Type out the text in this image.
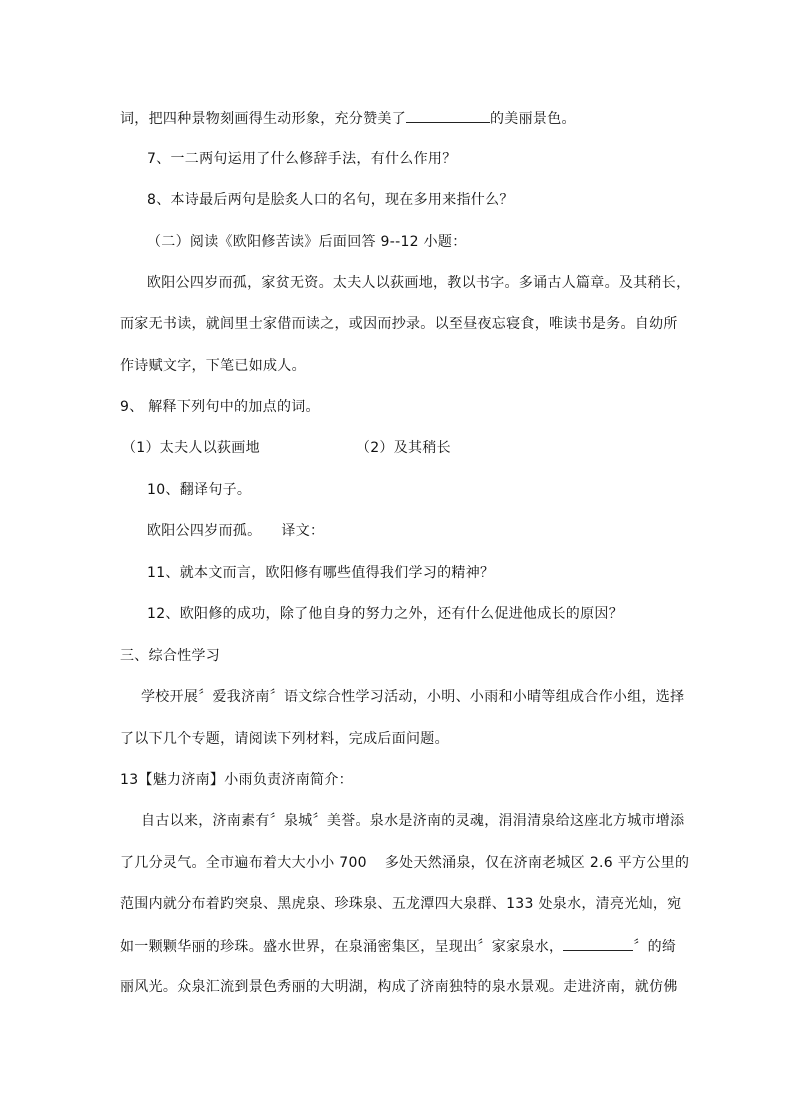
词，把四种景物刻画得生动形象，充分赞美了	的美丽景色。
7、一二两句运用了什么修辞手法，有什么作用？
8、本诗最后两句是脍炙人口的名句，现在多用来指什么？
（二）阅读《欧阳修苦读》后面回答 9--12 小题：
欧阳公四岁而孤，家贫无资。太夫人以荻画地，教以书字。多诵古人篇章。及其稍长，
而家无书读，就闾里士家借而读之，或因而抄录。以至昼夜忘寝食，唯读书是务。自幼所
作诗赋文字，下笔已如成人。
9、 解释下列句中的加点的词。
（1）太夫人以荻画地	（2）及其稍长
10、翻译句子。
欧阳公四岁而孤。 译文：
11、就本文而言，欧阳修有哪些值得我们学习的精神？
12、欧阳修的成功，除了他自身的努力之外，还有什么促进他成长的原因？
三、综合性学习
学校开展〞爱我济南〞语文综合性学习活动，小明、小雨和小晴等组成合作小组，选择
了以下几个专题，请阅读下列材料，完成后面问题。
13【魅力济南】小雨负责济南简介：
自古以来，济南素有〞泉城〞美誉。泉水是济南的灵魂，涓涓清泉给这座北方城市增添
了几分灵气。全市遍布着大大小小 700 多处天然涌泉，仅在济南老城区 2.6 平方公里的
范围内就分布着趵突泉、黑虎泉、珍珠泉、五龙潭四大泉群、133 处泉水，清亮光灿，宛
如一颗颗华丽的珍珠。盛水世界，在泉涌密集区，呈现出〞家家泉水，	〞的绮
丽风光。众泉汇流到景色秀丽的大明湖，构成了济南独特的泉水景观。走进济南，就仿佛
